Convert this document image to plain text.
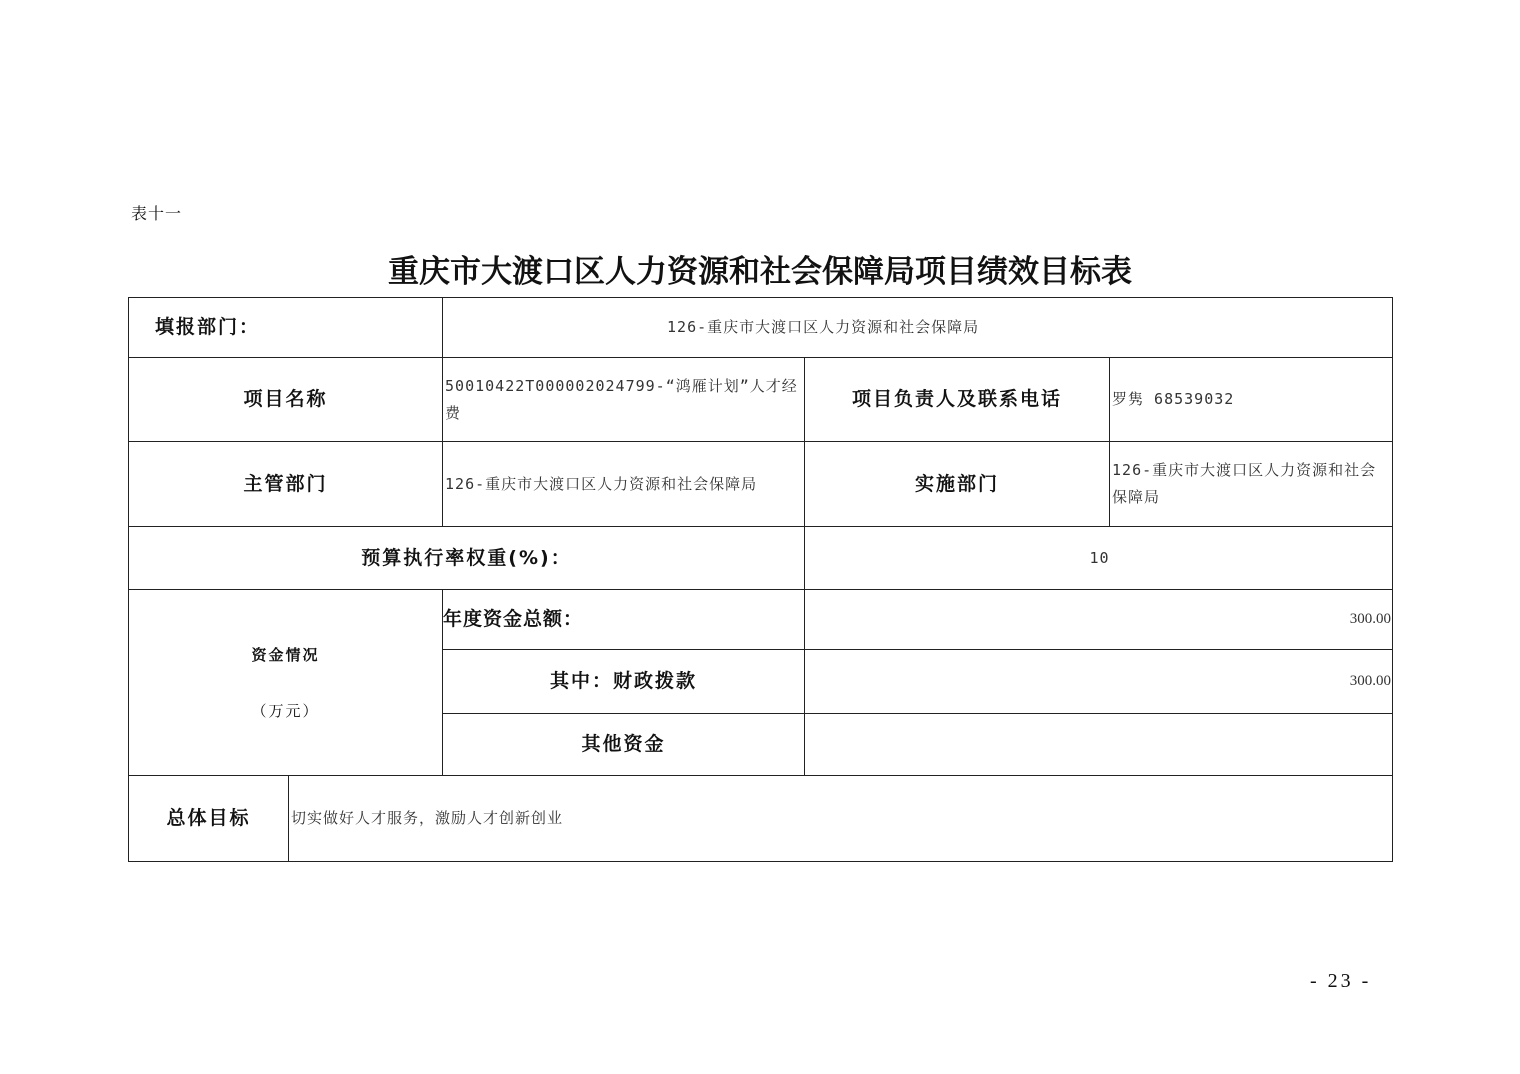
表十一
重庆市大渡口区人力资源和社会保障局项目绩效目标表
填报部门：		126-重庆市大渡口区人力资源和社会保障局		
项目名称		50010422T000002024799-“鸿雁计划”人才经费	项目负责人及联系电话	罗隽 68539032
主管部门		126-重庆市大渡口区人力资源和社会保障局	实施部门	126-重庆市大渡口区人力资源和社会保障局
预算执行率权重(%)：			10	

资金情况
（万元）		年度资金总额：	300.00	
		其中：财政拨款	300.00	
		其他资金		
总体目标	切实做好人才服务，激励人才创新创业			
- 23 -
